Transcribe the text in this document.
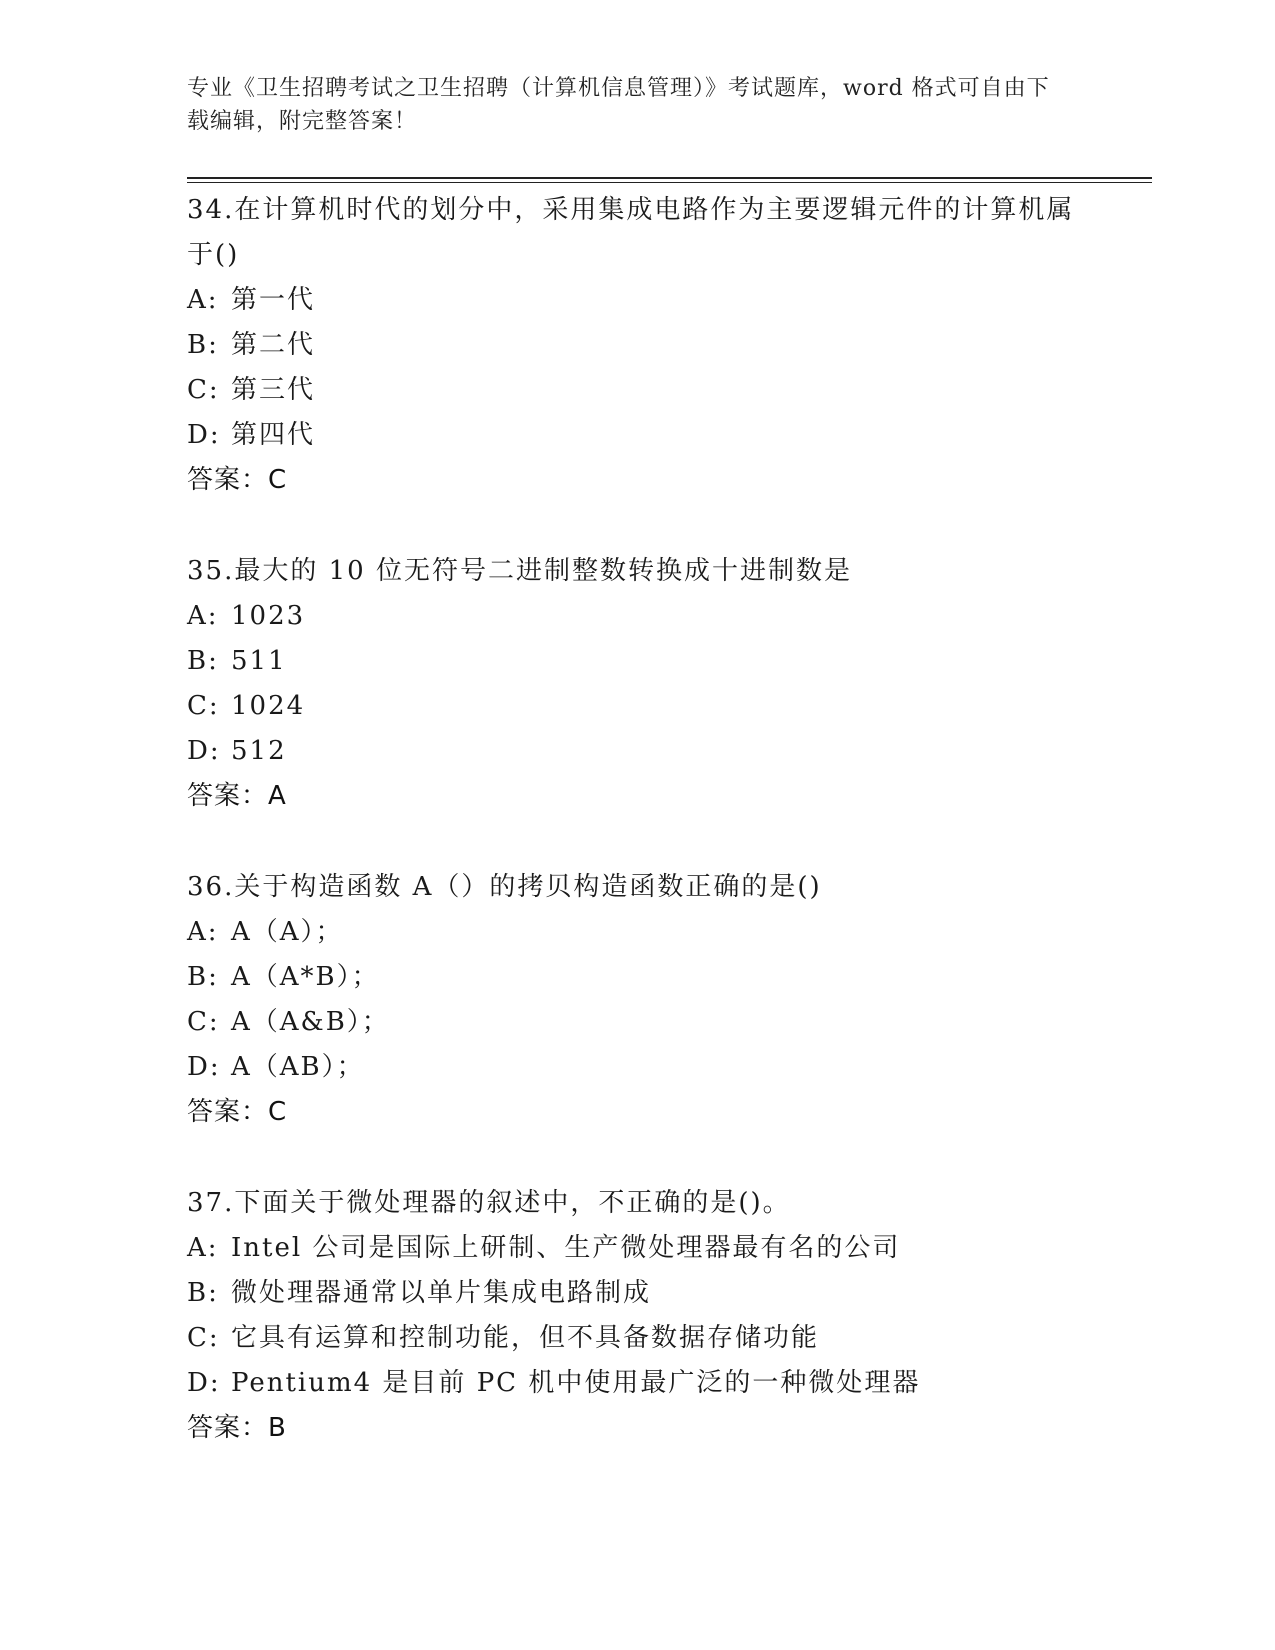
专业《卫生招聘考试之卫生招聘（计算机信息管理）》考试题库，word 格式可自由下载编辑，附完整答案！
34.在计算机时代的划分中，采用集成电路作为主要逻辑元件的计算机属于()
A: 第一代
B: 第二代
C: 第三代
D: 第四代
答案：C
35.最大的 10 位无符号二进制整数转换成十进制数是
A: 1023
B: 511
C: 1024
D: 512
答案：A
36.关于构造函数 A（）的拷贝构造函数正确的是()
A: A（A）；
B: A（A*B）；
C: A（A&B）；
D: A（AB）；
答案：C
37.下面关于微处理器的叙述中，不正确的是()。
A: Intel 公司是国际上研制、生产微处理器最有名的公司
B: 微处理器通常以单片集成电路制成
C: 它具有运算和控制功能，但不具备数据存储功能
D: Pentium4 是目前 PC 机中使用最广泛的一种微处理器
答案：B
